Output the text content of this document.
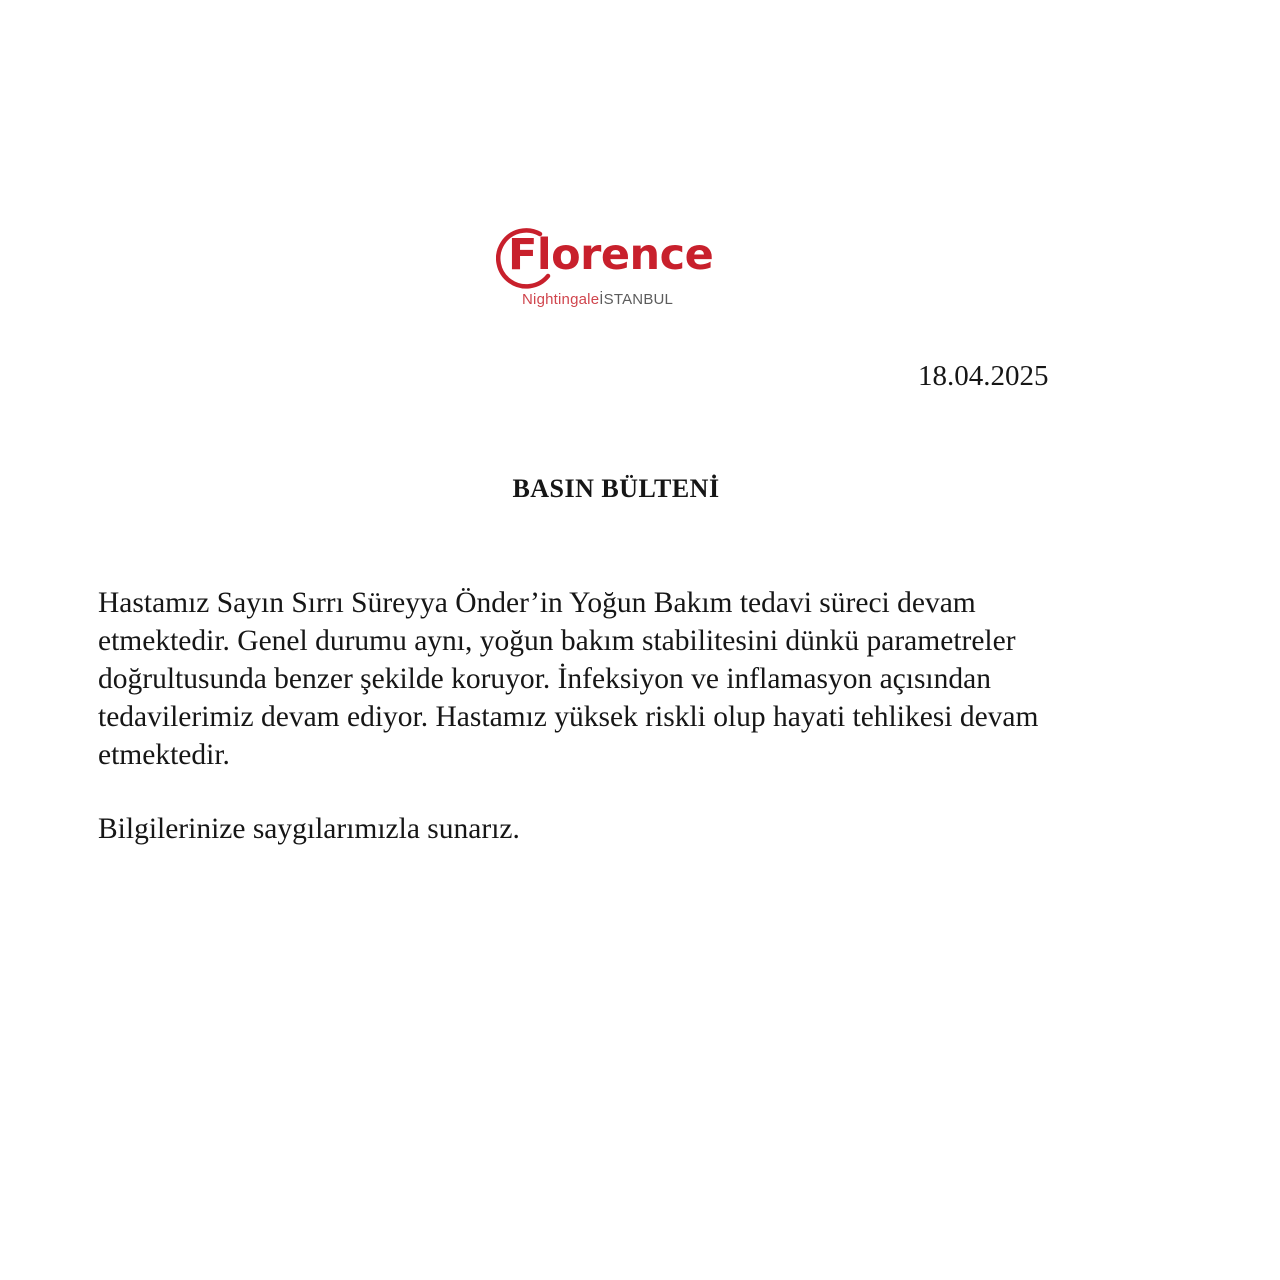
Florence
NightingaleİSTANBUL
18.04.2025
BASIN BÜLTENİ
Hastamız Sayın Sırrı Süreyya Önder’in Yoğun Bakım tedavi süreci devam
etmektedir. Genel durumu aynı, yoğun bakım stabilitesini dünkü parametreler
doğrultusunda benzer şekilde koruyor. İnfeksiyon ve inflamasyon açısından
tedavilerimiz devam ediyor. Hastamız yüksek riskli olup hayati tehlikesi devam
etmektedir.
Bilgilerinize saygılarımızla sunarız.
